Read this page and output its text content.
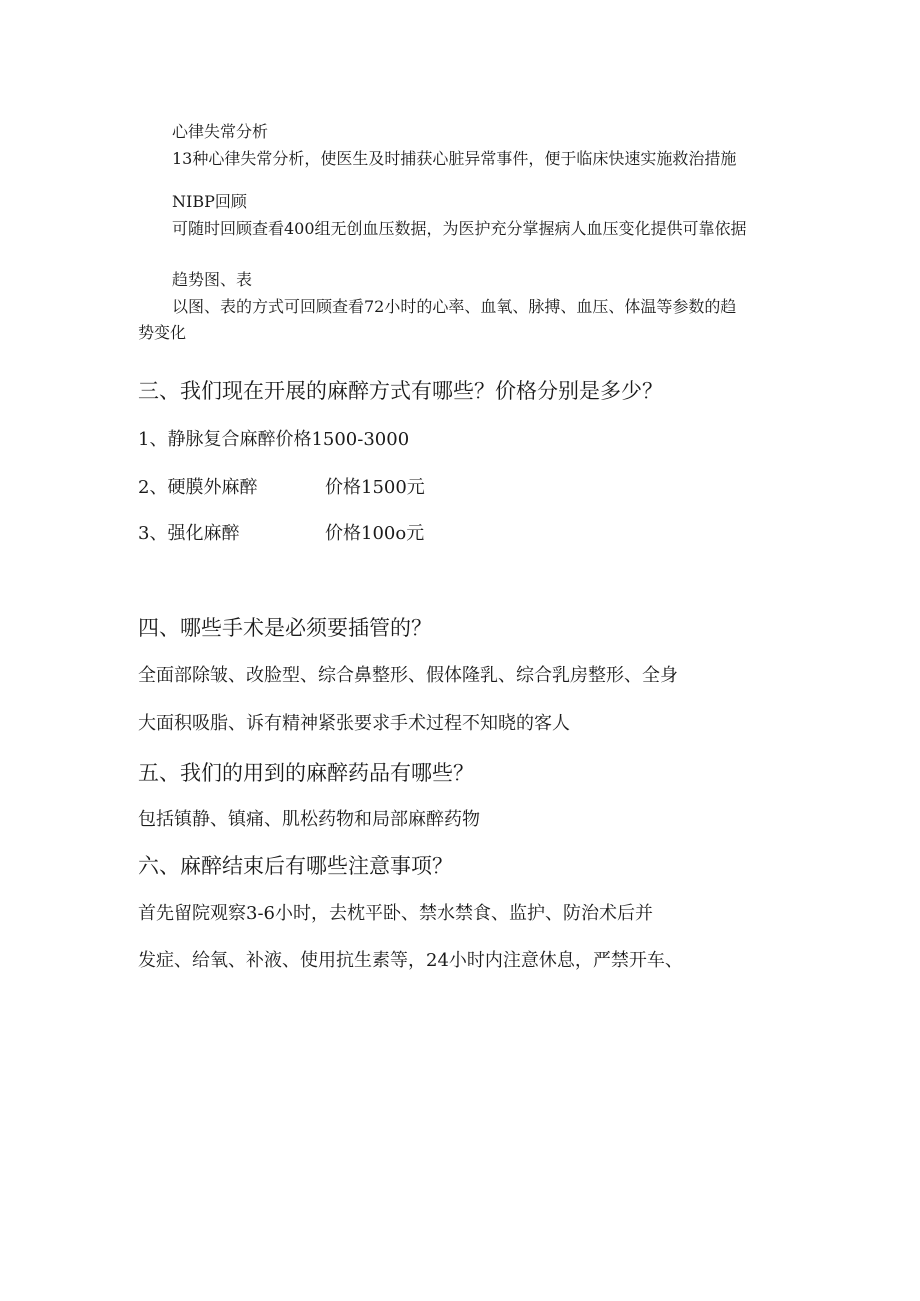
心律失常分析
13种心律失常分析，使医生及时捕获心脏异常事件，便于临床快速实施救治措施
NIBP回顾
可随时回顾查看400组无创血压数据，为医护充分掌握病人血压变化提供可靠依据
趋势图、表
以图、表的方式可回顾查看72小时的心率、血氧、脉搏、血压、体温等参数的趋
势变化
三、我们现在开展的麻醉方式有哪些？价格分别是多少？
1、静脉复合麻醉价格1500-3000
2、硬膜外麻醉	价格1500元
3、强化麻醉	价格100o元
四、哪些手术是必须要插管的？
全面部除皱、改脸型、综合鼻整形、假体隆乳、综合乳房整形、全身
大面积吸脂、诉有精神紧张要求手术过程不知晓的客人
五、我们的用到的麻醉药品有哪些？
包括镇静、镇痛、肌松药物和局部麻醉药物
六、麻醉结束后有哪些注意事项？
首先留院观察3-6小时，去枕平卧、禁水禁食、监护、防治术后并
发症、给氧、补液、使用抗生素等，24小时内注意休息，严禁开车、
